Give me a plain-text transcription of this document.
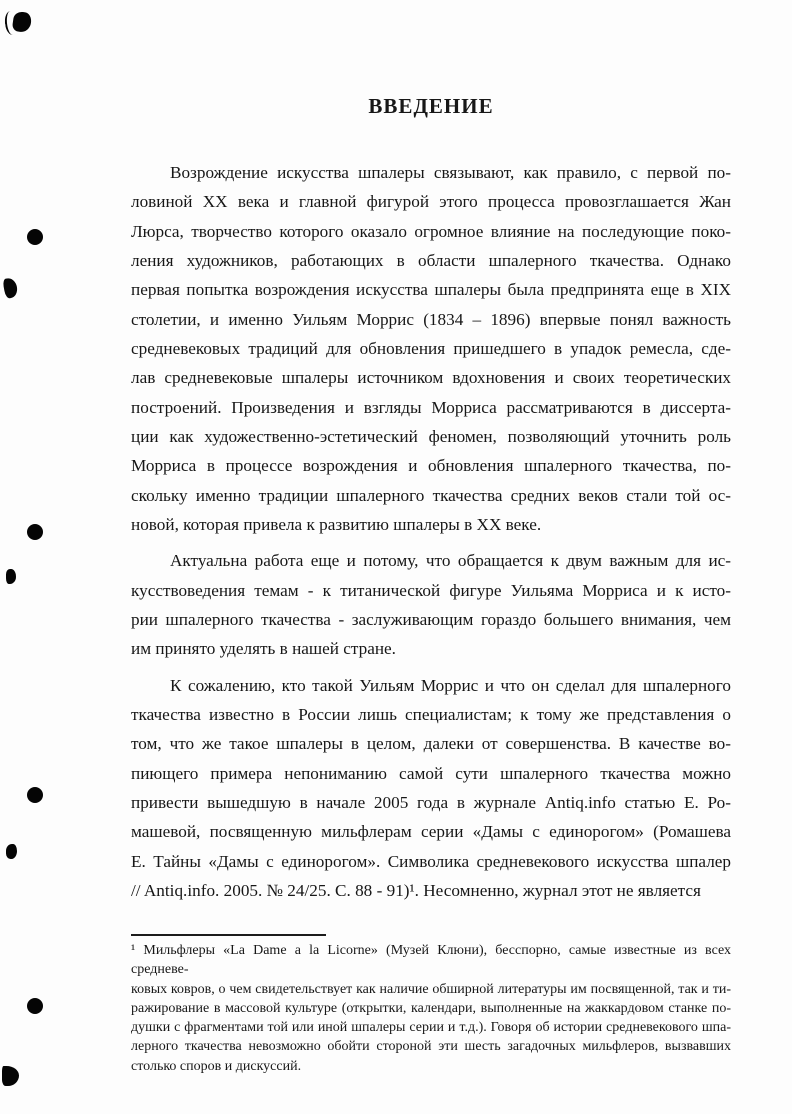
ВВЕДЕНИЕ
Возрождение искусства шпалеры связывают, как правило, с первой по-
ловиной XX века и главной фигурой этого процесса провозглашается Жан
Люрса, творчество которого оказало огромное влияние на последующие поко-
ления художников, работающих в области шпалерного ткачества. Однако
первая попытка возрождения искусства шпалеры была предпринята еще в XIX
столетии, и именно Уильям Моррис (1834 – 1896) впервые понял важность
средневековых традиций для обновления пришедшего в упадок ремесла, сде-
лав средневековые шпалеры источником вдохновения и своих теоретических
построений. Произведения и взгляды Морриса рассматриваются в диссерта-
ции как художественно-эстетический феномен, позволяющий уточнить роль
Морриса в процессе возрождения и обновления шпалерного ткачества, по-
скольку именно традиции шпалерного ткачества средних веков стали той ос-
новой, которая привела к развитию шпалеры в XX веке.
Актуальна работа еще и потому, что обращается к двум важным для ис-
кусствоведения темам - к титанической фигуре Уильяма Морриса и к исто-
рии шпалерного ткачества - заслуживающим гораздо большего внимания, чем
им принято уделять в нашей стране.
К сожалению, кто такой Уильям Моррис и что он сделал для шпалерного
ткачества известно в России лишь специалистам; к тому же представления о
том, что же такое шпалеры в целом, далеки от совершенства. В качестве во-
пиющего примера непониманию самой сути шпалерного ткачества можно
привести вышедшую в начале 2005 года в журнале Antiq.info статью Е. Ро-
машевой, посвященную мильфлерам серии «Дамы с единорогом» (Ромашева
Е. Тайны «Дамы с единорогом». Символика средневекового искусства шпалер
// Antiq.info. 2005. № 24/25. С. 88 - 91)¹. Несомненно, журнал этот не является
¹ Мильфлеры «La Dame a la Licorne» (Музей Клюни), бесспорно, самые известные из всех средневе-
ковых ковров, о чем свидетельствует как наличие обширной литературы им посвященной, так и ти-
ражирование в массовой культуре (открытки, календари, выполненные на жаккардовом станке по-
душки с фрагментами той или иной шпалеры серии и т.д.). Говоря об истории средневекового шпа-
лерного ткачества невозможно обойти стороной эти шесть загадочных мильфлеров, вызвавших
столько споров и дискуссий.
